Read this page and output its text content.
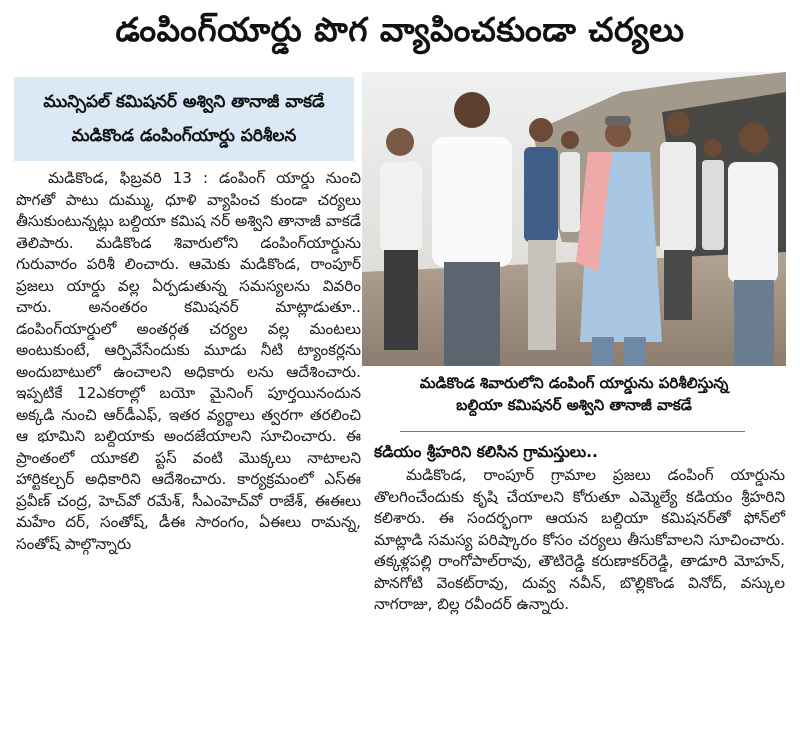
డంపింగ్‌యార్డు పొగ వ్యాపించకుండా చర్యలు
మున్సిపల్ కమిషనర్ అశ్విని తానాజీ వాకడే
మడికొండ డంపింగ్‌యార్డు పరిశీలన

మడికొండ, ఫిబ్రవరి 13 : డంపింగ్ యార్డు నుంచి పొగతో పాటు దుమ్ము, ధూళి వ్యాపించ కుండా చర్యలు తీసుకుంటున్నట్లు బల్దియా కమిష నర్ అశ్విని తానాజీ వాకడే తెలిపారు. మడికొండ శివారులోని డంపింగ్‌యార్డును గురువారం పరిశీ లించారు. ఆమెకు మడికొండ, రాంపూర్ ప్రజలు యార్డు వల్ల ఏర్పడుతున్న సమస్యలను వివరిం చారు. అనంతరం కమిషనర్ మాట్లాడుతూ.. డంపింగ్‌యార్డులో అంతర్గత చర్యల వల్ల మంటలు అంటుకుంటే, ఆర్పివేసేందుకు మూడు నీటి ట్యాంకర్లను అందుబాటులో ఉంచాలని అధికారు లను ఆదేశించారు. ఇప్పటికే 12ఎకరాల్లో బయో మైనింగ్ పూర్తయినందున అక్కడి నుంచి ఆర్‌డీఎఫ్, ఇతర వ్యర్థాలు త్వరగా తరలించి ఆ భూమిని బల్దియాకు అందజేయాలని సూచించారు. ఈ ప్రాంతంలో యూకలి ప్టస్ వంటి మొక్కలు నాటాలని హార్టికల్చర్ అధికారిని ఆదేశించారు. కార్యక్రమంలో ఎస్ఈ ప్రవీణ్ చంద్ర, హెచ్‌వో రమేశ్, సీఎంహెచ్‌వో రాజేశ్, ఈఈలు మహేం దర్, సంతోష్, డీఈ సారంగం, ఏఈలు రామన్న, సంతోష్ పాల్గొన్నారు

మడికొండ శివారులోని డంపింగ్ యార్డును పరిశీలిస్తున్న
బల్దియా కమిషనర్ అశ్విని తానాజీ వాకడే
కడియం శ్రీహరిని కలిసిన గ్రామస్తులు..

మడికొండ, రాంపూర్ గ్రామాల ప్రజలు డంపింగ్ యార్డును తొలగించేందుకు కృషి చేయాలని కోరుతూ ఎమ్మెల్యే కడియం శ్రీహరిని కలిశారు. ఈ సందర్భంగా ఆయన బల్దియా కమిషనర్‌తో ఫోన్‌లో మాట్లాడి సమస్య పరిష్కారం కోసం చర్యలు తీసుకోవాలని సూచించారు. తక్కళ్లపల్లి రాంగోపాల్‌రావు, తౌటిరెడ్డి కరుణాకర్‌రెడ్డి, తాడూరి మోహన్, పొనగోటి వెంకట్‌రావు, దువ్వ నవీన్, బొల్లికొండ వినోద్, వస్కుల నాగరాజు, బిల్ల రవీందర్ ఉన్నారు.
